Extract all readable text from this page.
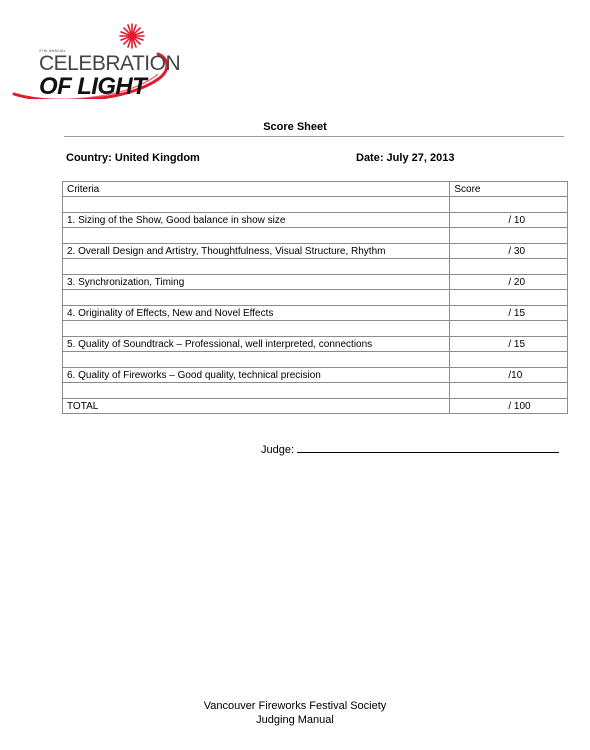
27th ANNUAL
CELEBRATION
OF LIGHT
Score Sheet
Country: United Kingdom	Date: July 27, 2013
Criteria	Score

1. Sizing of the Show, Good balance in show size	/ 10

2. Overall Design and Artistry, Thoughtfulness, Visual Structure, Rhythm	/ 30

3. Synchronization, Timing	/ 20

4. Originality of Effects, New and Novel Effects	/ 15

5. Quality of Soundtrack – Professional, well interpreted, connections	/ 15

6. Quality of Fireworks – Good quality, technical precision	/10

TOTAL	/ 100
Judge:
Vancouver Fireworks Festival Society
Judging Manual
